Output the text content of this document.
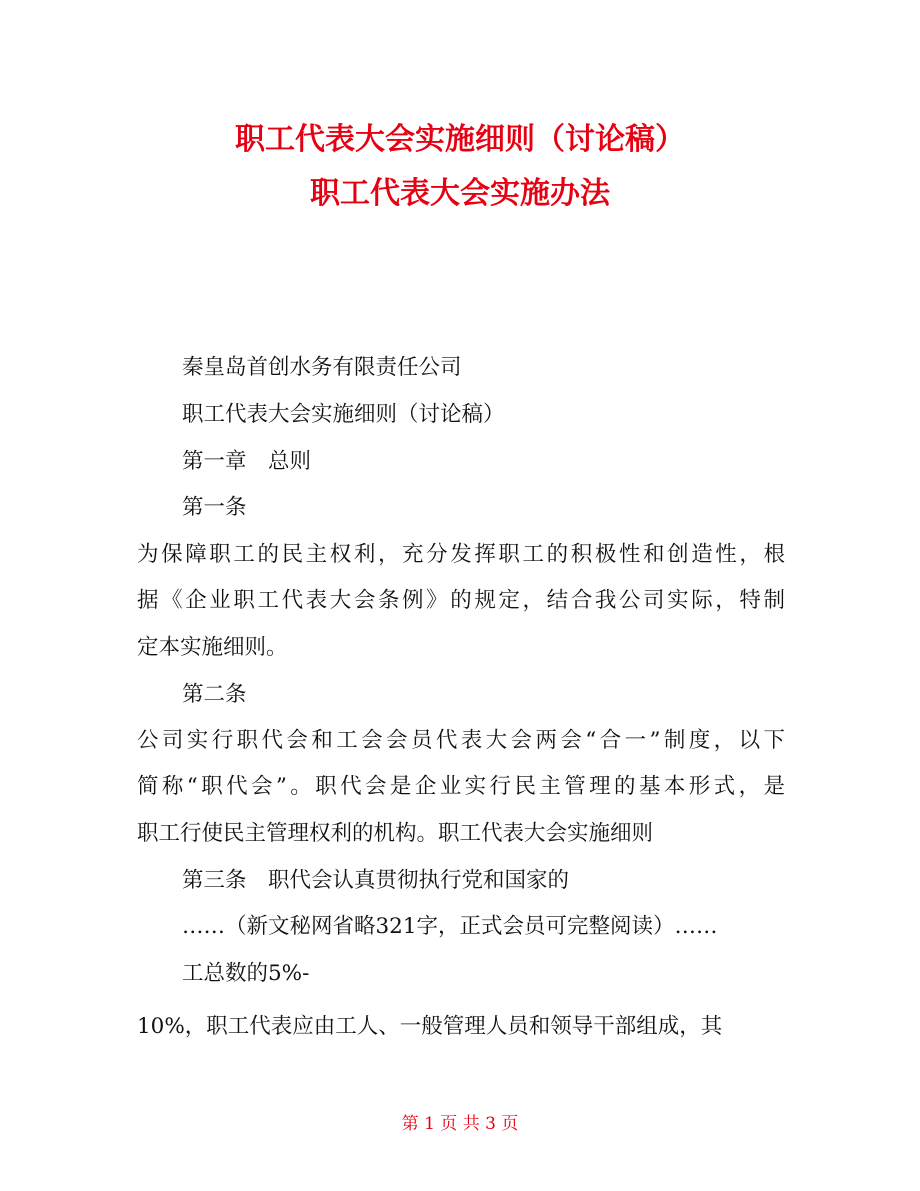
职工代表大会实施细则（讨论稿）
职工代表大会实施办法
秦皇岛首创水务有限责任公司
职工代表大会实施细则（讨论稿）
第一章　总则
第一条
为保障职工的民主权利，充分发挥职工的积极性和创造性，根
据《企业职工代表大会条例》的规定，结合我公司实际，特制
定本实施细则。
第二条
公司实行职代会和工会会员代表大会两会“合一”制度，以下
简称“职代会”。职代会是企业实行民主管理的基本形式，是
职工行使民主管理权利的机构。职工代表大会实施细则
第三条　职代会认真贯彻执行党和国家的
……（新文秘网省略321字，正式会员可完整阅读）……
工总数的5%-
10%，职工代表应由工人、一般管理人员和领导干部组成，其
第 1 页 共 3 页
